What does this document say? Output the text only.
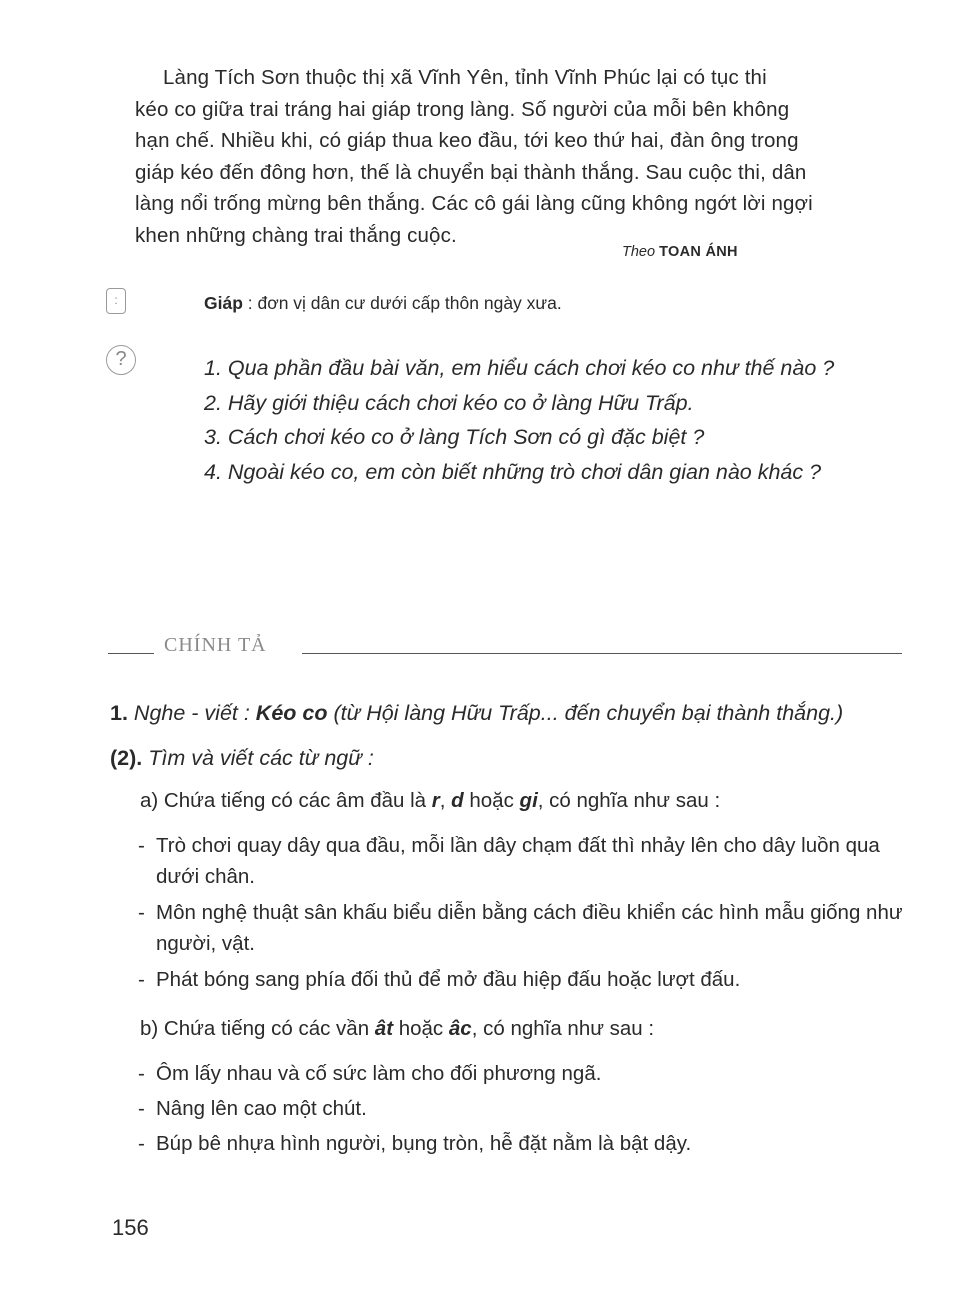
Làng Tích Sơn thuộc thị xã Vĩnh Yên, tỉnh Vĩnh Phúc lại có tục thi
kéo co giữa trai tráng hai giáp trong làng. Số người của mỗi bên không
hạn chế. Nhiều khi, có giáp thua keo đầu, tới keo thứ hai, đàn ông trong
giáp kéo đến đông hơn, thế là chuyển bại thành thắng. Sau cuộc thi, dân
làng nổi trống mừng bên thắng. Các cô gái làng cũng không ngớt lời ngợi
khen những chàng trai thắng cuộc.
Theo TOAN ÁNH
:	Giáp : đơn vị dân cư dưới cấp thôn ngày xưa.
?	1. Qua phần đầu bài văn, em hiểu cách chơi kéo co như thế nào ?
2. Hãy giới thiệu cách chơi kéo co ở làng Hữu Trấp.
3. Cách chơi kéo co ở làng Tích Sơn có gì đặc biệt ?
4. Ngoài kéo co, em còn biết những trò chơi dân gian nào khác ?
CHÍNH TẢ
1. Nghe - viết : Kéo co (từ Hội làng Hữu Trấp... đến chuyển bại thành thắng.)
(2). Tìm và viết các từ ngữ :
a) Chứa tiếng có các âm đầu là r, d hoặc gi, có nghĩa như sau :
- Trò chơi quay dây qua đầu, mỗi lần dây chạm đất thì nhảy lên cho dây luồn qua dưới chân.
- Môn nghệ thuật sân khấu biểu diễn bằng cách điều khiển các hình mẫu giống như người, vật.
- Phát bóng sang phía đối thủ để mở đầu hiệp đấu hoặc lượt đấu.
b) Chứa tiếng có các vần ât hoặc âc, có nghĩa như sau :
- Ôm lấy nhau và cố sức làm cho đối phương ngã.
- Nâng lên cao một chút.
- Búp bê nhựa hình người, bụng tròn, hễ đặt nằm là bật dậy.
156
